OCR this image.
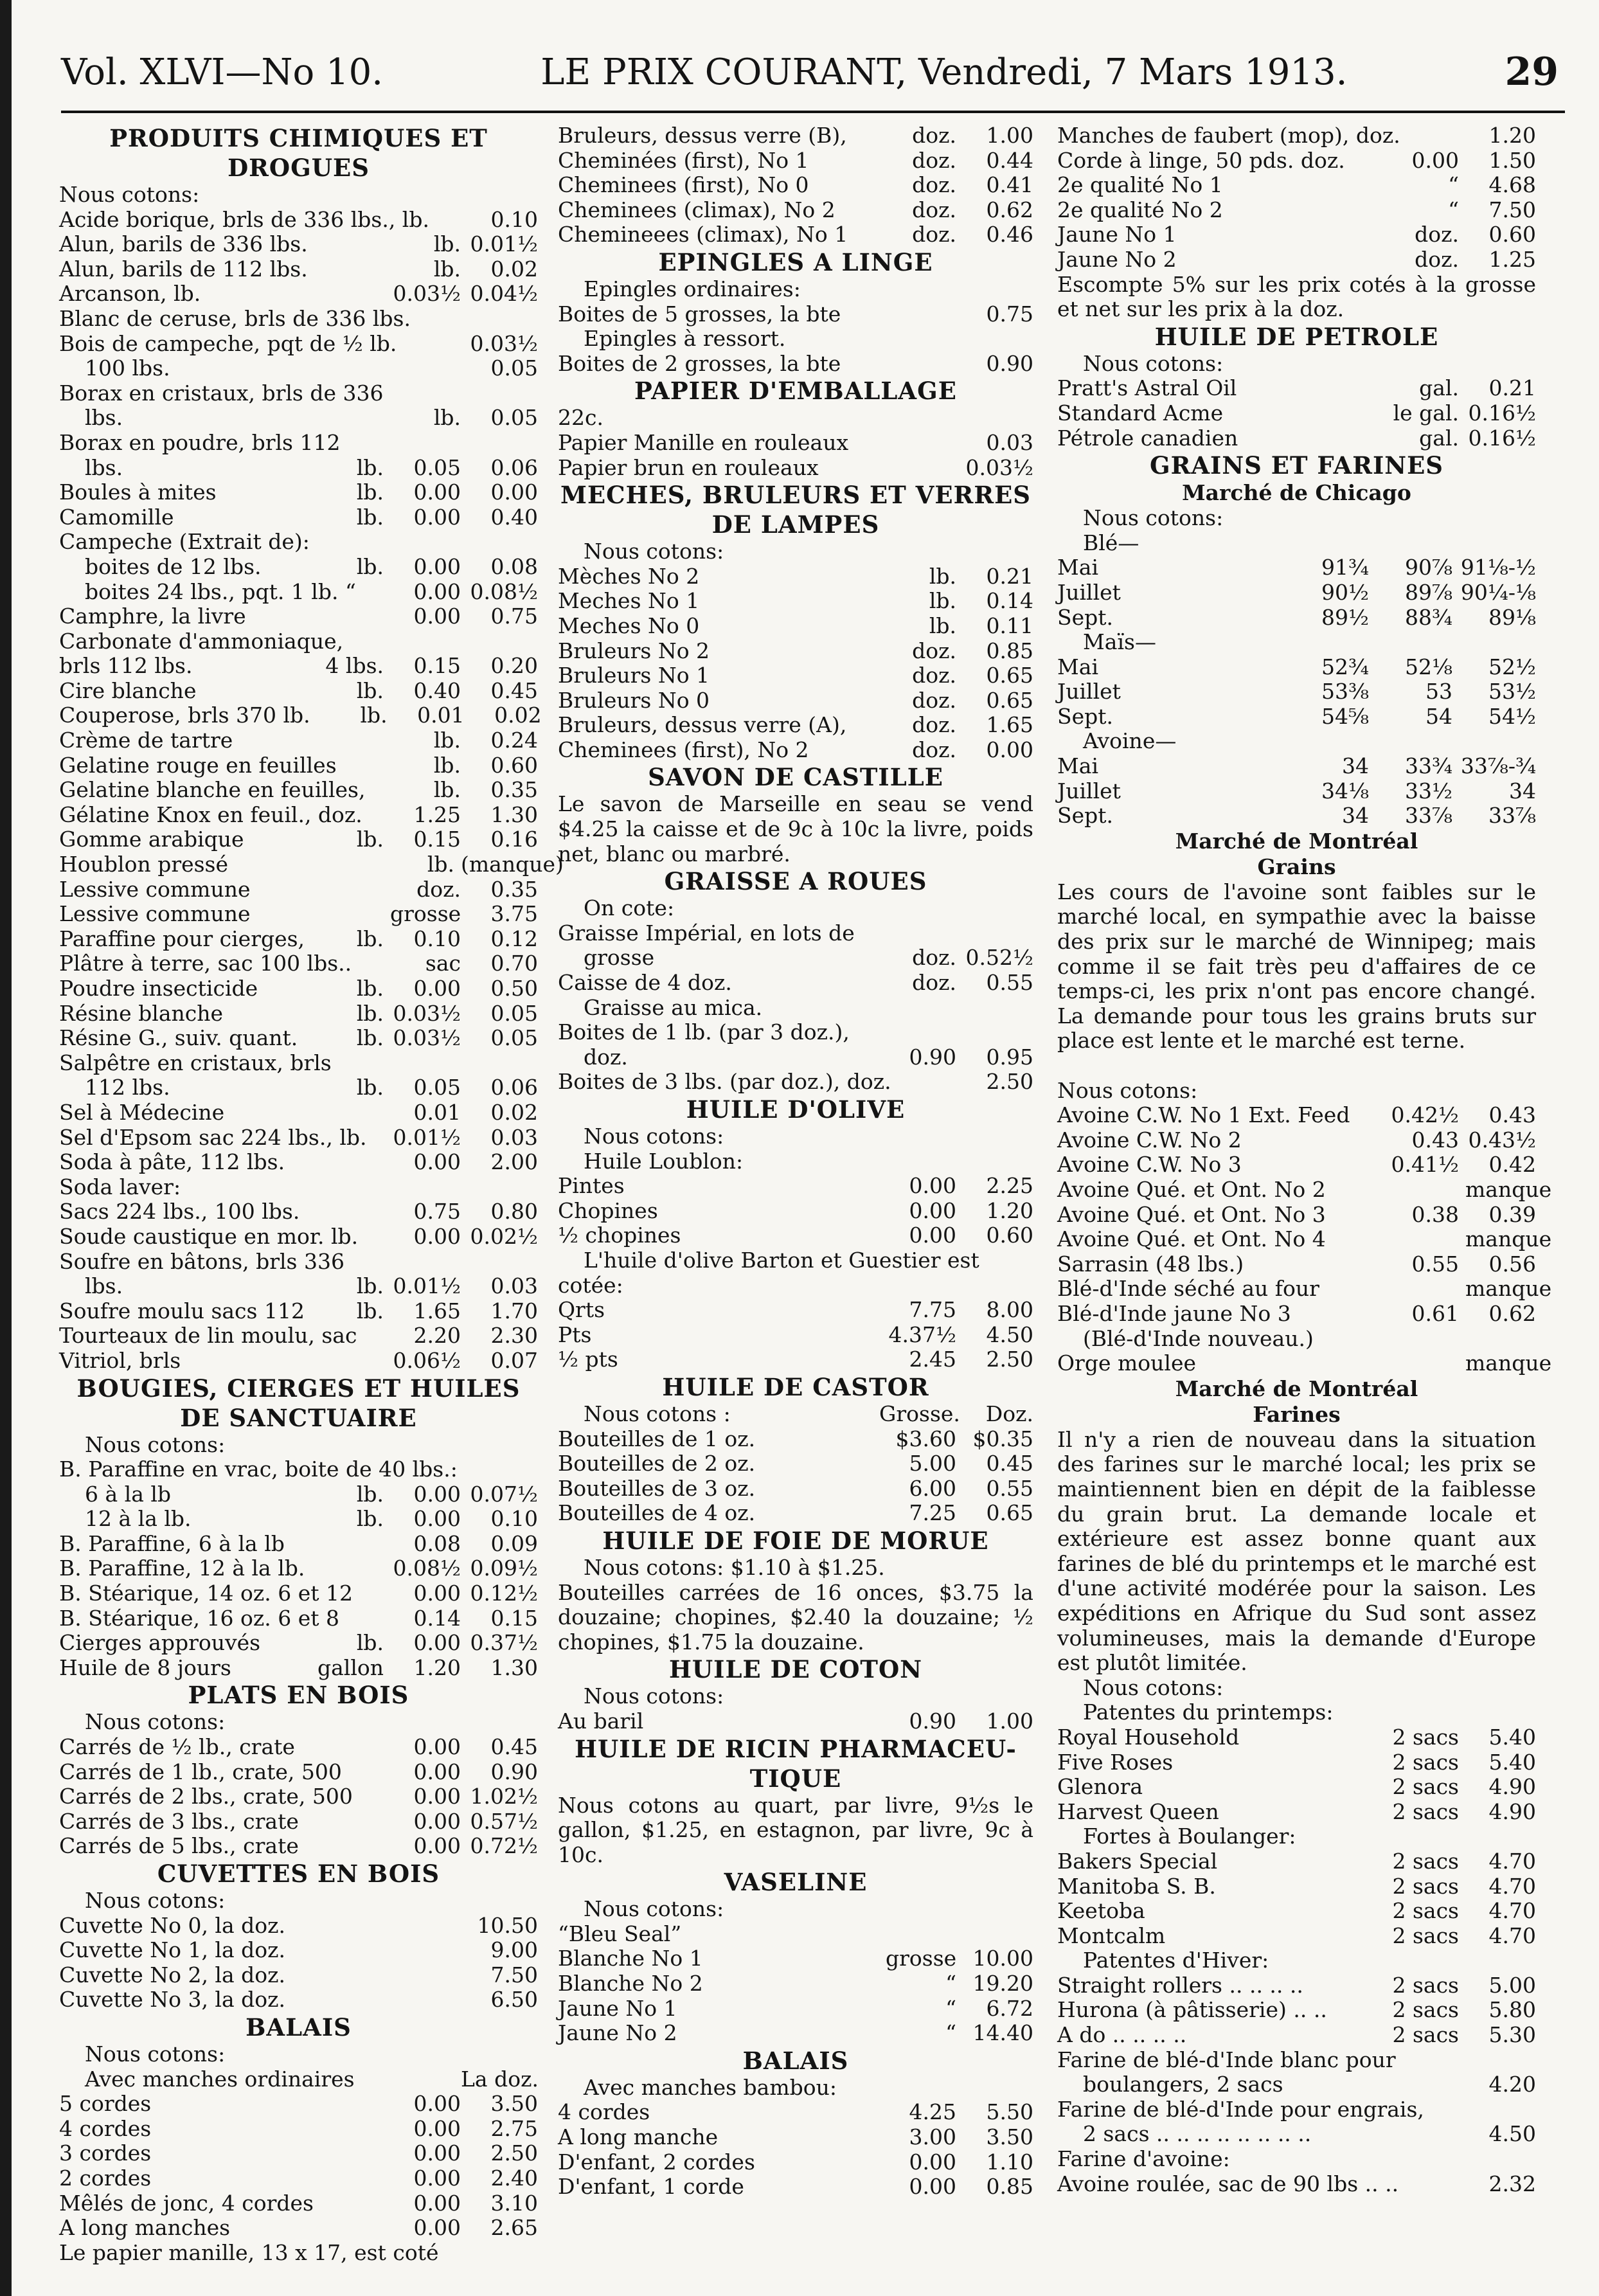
Vol. XLVI—No 10.	LE PRIX COURANT, Vendredi, 7 Mars 1913.	29
PRODUITS CHIMIQUES ET
DROGUES
Nous cotons:
Acide borique, brls de 336 lbs., lb.	0.10
Alun, barils de 336 lbs.	lb. 0.01½
Alun, barils de 112 lbs.	lb.	0.02
Arcanson, lb.	0.03½ 0.04½
Blanc de ceruse, brls de 336 lbs.
Bois de campeche, pqt de ½ lb.	0.03½
100 lbs.	0.05
Borax en cristaux, brls de 336
lbs.	lb.	0.05
Borax en poudre, brls 112
lbs.	lb.	0.05	0.06
Boules à mites	lb.	0.00	0.00
Camomille	lb.	0.00	0.40
Campeche (Extrait de):
boites de 12 lbs.	lb.	0.00	0.08
boites 24 lbs., pqt. 1 lb. “	0.00 0.08½
Camphre, la livre	0.00	0.75
Carbonate d'ammoniaque,
brls 112 lbs.	4 lbs.	0.15	0.20
Cire blanche	lb.	0.40	0.45
Couperose, brls 370 lb.	lb.	0.01	0.02
Crème de tartre	lb.	0.24
Gelatine rouge en feuilles	lb.	0.60
Gelatine blanche en feuilles,	lb.	0.35
Gélatine Knox en feuil., doz.	1.25	1.30
Gomme arabique	lb.	0.15	0.16
Houblon pressé	lb. (manque)
Lessive commune	doz.	0.35
Lessive commune	grosse	3.75
Paraffine pour cierges,	lb.	0.10	0.12
Plâtre à terre, sac 100 lbs..	sac	0.70
Poudre insecticide	lb.	0.00	0.50
Résine blanche	lb. 0.03½	0.05
Résine G., suiv. quant.	lb. 0.03½	0.05
Salpêtre en cristaux, brls
112 lbs.	lb.	0.05	0.06
Sel à Médecine	0.01	0.02
Sel d'Epsom sac 224 lbs., lb.	0.01½	0.03
Soda à pâte, 112 lbs.	0.00	2.00
Soda laver:
Sacs 224 lbs., 100 lbs.	0.75	0.80
Soude caustique en mor. lb.	0.00 0.02½
Soufre en bâtons, brls 336
lbs.	lb. 0.01½	0.03
Soufre moulu sacs 112	lb.	1.65	1.70
Tourteaux de lin moulu, sac	2.20	2.30
Vitriol, brls	0.06½	0.07
BOUGIES, CIERGES ET HUILES
DE SANCTUAIRE
Nous cotons:
B. Paraffine en vrac, boite de 40 lbs.:
6 à la lb	lb.	0.00 0.07½
12 à la lb.	lb.	0.00	0.10
B. Paraffine, 6 à la lb	0.08	0.09
B. Paraffine, 12 à la lb.	0.08½ 0.09½
B. Stéarique, 14 oz. 6 et 12	0.00 0.12½
B. Stéarique, 16 oz. 6 et 8	0.14	0.15
Cierges approuvés	lb.	0.00 0.37½
Huile de 8 jours	gallon	1.20	1.30
PLATS EN BOIS
Nous cotons:
Carrés de ½ lb., crate	0.00	0.45
Carrés de 1 lb., crate, 500	0.00	0.90
Carrés de 2 lbs., crate, 500	0.00 1.02½
Carrés de 3 lbs., crate	0.00 0.57½
Carrés de 5 lbs., crate	0.00 0.72½
CUVETTES EN BOIS
Nous cotons:
Cuvette No 0, la doz.	10.50
Cuvette No 1, la doz.	9.00
Cuvette No 2, la doz.	7.50
Cuvette No 3, la doz.	6.50
BALAIS
Nous cotons:
Avec manches ordinaires	La doz.
5 cordes	0.00	3.50
4 cordes	0.00	2.75
3 cordes	0.00	2.50
2 cordes	0.00	2.40
Mêlés de jonc, 4 cordes	0.00	3.10
A long manches	0.00	2.65
Le papier manille, 13 x 17, est coté
Bruleurs, dessus verre (B),	doz.	1.00
Cheminées (first), No 1	doz.	0.44
Cheminees (first), No 0	doz.	0.41
Cheminees (climax), No 2	doz.	0.62
Chemineees (climax), No 1	doz.	0.46
EPINGLES A LINGE
Epingles ordinaires:
Boites de 5 grosses, la bte	0.75
Epingles à ressort.
Boites de 2 grosses, la bte	0.90
PAPIER D'EMBALLAGE
22c.
Papier Manille en rouleaux	0.03
Papier brun en rouleaux	0.03½
MECHES, BRULEURS ET VERRES
DE LAMPES
Nous cotons:
Mèches No 2	lb.	0.21
Meches No 1	lb.	0.14
Meches No 0	lb.	0.11
Bruleurs No 2	doz.	0.85
Bruleurs No 1	doz.	0.65
Bruleurs No 0	doz.	0.65
Bruleurs, dessus verre (A),	doz.	1.65
Cheminees (first), No 2	doz.	0.00
SAVON DE CASTILLE
Le savon de Marseille en seau se vend $4.25 la caisse et de 9c à 10c la livre, poids net, blanc ou marbré.
GRAISSE A ROUES
On cote:
Graisse Impérial, en lots de
grosse	doz. 0.52½
Caisse de 4 doz.	doz.	0.55
Graisse au mica.
Boites de 1 lb. (par 3 doz.),
doz.	0.90	0.95
Boites de 3 lbs. (par doz.), doz.	2.50
HUILE D'OLIVE
Nous cotons:
Huile Loublon:
Pintes	0.00	2.25
Chopines	0.00	1.20
½ chopines	0.00	0.60
L'huile d'olive Barton et Guestier est
cotée:
Qrts	7.75	8.00
Pts	4.37½	4.50
½ pts	2.45	2.50
HUILE DE CASTOR
Nous cotons :	Grosse.	Doz.
Bouteilles de 1 oz.	$3.60 $0.35
Bouteilles de 2 oz.	5.00	0.45
Bouteilles de 3 oz.	6.00	0.55
Bouteilles de 4 oz.	7.25	0.65
HUILE DE FOIE DE MORUE
Nous cotons: $1.10 à $1.25.
Bouteilles carrées de 16 onces, $3.75 la douzaine; chopines, $2.40 la douzaine; ½ chopines, $1.75 la douzaine.
HUILE DE COTON
Nous cotons:
Au baril	0.90	1.00
HUILE DE RICIN PHARMACEU-
TIQUE
Nous cotons au quart, par livre, 9½s le gallon, $1.25, en estagnon, par livre, 9c à 10c.
VASELINE
Nous cotons:
“Bleu Seal”
Blanche No 1	grosse 10.00
Blanche No 2	“ 19.20
Jaune No 1	“	6.72
Jaune No 2	“ 14.40
BALAIS
Avec manches bambou:
4 cordes	4.25	5.50
A long manche	3.00	3.50
D'enfant, 2 cordes	0.00	1.10
D'enfant, 1 corde	0.00	0.85
Manches de faubert (mop), doz.	1.20
Corde à linge, 50 pds. doz.	0.00	1.50
2e qualité No 1	“	4.68
2e qualité No 2	“	7.50
Jaune No 1	doz.	0.60
Jaune No 2	doz.	1.25
Escompte 5% sur les prix cotés à la grosse et net sur les prix à la doz.
HUILE DE PETROLE
Nous cotons:
Pratt's Astral Oil	gal.	0.21
Standard Acme	le gal. 0.16½
Pétrole canadien	gal. 0.16½
GRAINS ET FARINES
Marché de Chicago
Nous cotons:
Blé—
Mai	91¾	90⅞ 91⅛-½
Juillet	90½	89⅞ 90¼-⅛
Sept.	89½	88¾	89⅛
Maïs—
Mai	52¾	52⅛	52½
Juillet	53⅜	53	53½
Sept.	54⅝	54	54½
Avoine—
Mai	34	33¾ 33⅞-¾
Juillet	34⅛	33½	34
Sept.	34	33⅞	33⅞
Marché de Montréal
Grains
Les cours de l'avoine sont faibles sur le marché local, en sympathie avec la baisse des prix sur le marché de Winnipeg; mais comme il se fait très peu d'affaires de ce temps-ci, les prix n'ont pas encore changé. La demande pour tous les grains bruts sur place est lente et le marché est terne.
Nous cotons:
Avoine C.W. No 1 Ext. Feed	0.42½	0.43
Avoine C.W. No 2	0.43 0.43½
Avoine C.W. No 3	0.41½	0.42
Avoine Qué. et Ont. No 2	manque
Avoine Qué. et Ont. No 3	0.38	0.39
Avoine Qué. et Ont. No 4	manque
Sarrasin (48 lbs.)	0.55	0.56
Blé-d'Inde séché au four	manque
Blé-d'Inde jaune No 3	0.61	0.62
(Blé-d'Inde nouveau.)
Orge moulee	manque
Marché de Montréal
Farines
Il n'y a rien de nouveau dans la situation des farines sur le marché local; les prix se maintiennent bien en dépit de la faiblesse du grain brut. La demande locale et extérieure est assez bonne quant aux farines de blé du printemps et le marché est d'une activité modérée pour la saison. Les expéditions en Afrique du Sud sont assez volumineuses, mais la demande d'Europe est plutôt limitée.
Nous cotons:
Patentes du printemps:
Royal Household	2 sacs	5.40
Five Roses	2 sacs	5.40
Glenora	2 sacs	4.90
Harvest Queen	2 sacs	4.90
Fortes à Boulanger:
Bakers Special	2 sacs	4.70
Manitoba S. B.	2 sacs	4.70
Keetoba	2 sacs	4.70
Montcalm	2 sacs	4.70
Patentes d'Hiver:
Straight rollers .. .. .. ..	2 sacs	5.00
Hurona (à pâtisserie) .. ..	2 sacs	5.80
A do .. .. .. ..	2 sacs	5.30
Farine de blé-d'Inde blanc pour
boulangers, 2 sacs	4.20
Farine de blé-d'Inde pour engrais,
2 sacs .. .. .. .. .. .. .. ..	4.50
Farine d'avoine:
Avoine roulée, sac de 90 lbs .. ..	2.32
